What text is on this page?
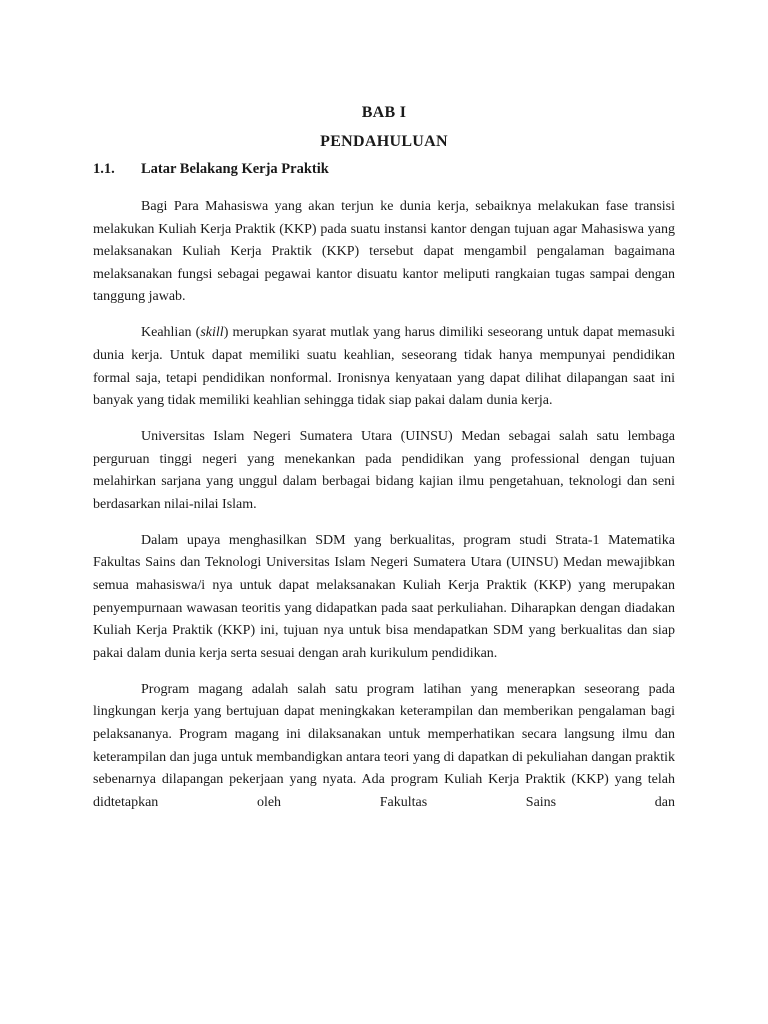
BAB I
PENDAHULUAN
1.1. Latar Belakang Kerja Praktik

Bagi Para Mahasiswa yang akan terjun ke dunia kerja, sebaiknya melakukan fase transisi melakukan Kuliah Kerja Praktik (KKP) pada suatu instansi kantor dengan tujuan agar Mahasiswa yang melaksanakan Kuliah Kerja Praktik (KKP) tersebut dapat mengambil pengalaman bagaimana melaksanakan fungsi sebagai pegawai kantor disuatu kantor meliputi rangkaian tugas sampai dengan tanggung jawab.

Keahlian (skill) merupkan syarat mutlak yang harus dimiliki seseorang untuk dapat memasuki dunia kerja. Untuk dapat memiliki suatu keahlian, seseorang tidak hanya mempunyai pendidikan formal saja, tetapi pendidikan nonformal. Ironisnya kenyataan yang dapat dilihat dilapangan saat ini banyak yang tidak memiliki keahlian sehingga tidak siap pakai dalam dunia kerja.

Universitas Islam Negeri Sumatera Utara (UINSU) Medan sebagai salah satu lembaga perguruan tinggi negeri yang menekankan pada pendidikan yang professional dengan tujuan melahirkan sarjana yang unggul dalam berbagai bidang kajian ilmu pengetahuan, teknologi dan seni berdasarkan nilai-nilai Islam.

Dalam upaya menghasilkan SDM yang berkualitas, program studi Strata-1 Matematika Fakultas Sains dan Teknologi Universitas Islam Negeri Sumatera Utara (UINSU) Medan mewajibkan semua mahasiswa/i nya untuk dapat melaksanakan Kuliah Kerja Praktik (KKP) yang merupakan penyempurnaan wawasan teoritis yang didapatkan pada saat perkuliahan. Diharapkan dengan diadakan Kuliah Kerja Praktik (KKP) ini, tujuan nya untuk bisa mendapatkan SDM yang berkualitas dan siap pakai dalam dunia kerja serta sesuai dengan arah kurikulum pendidikan.

Program magang adalah salah satu program latihan yang menerapkan seseorang pada lingkungan kerja yang bertujuan dapat meningkakan keterampilan dan memberikan pengalaman bagi pelaksananya. Program magang ini dilaksanakan untuk memperhatikan secara langsung ilmu dan keterampilan dan juga untuk membandigkan antara teori yang di dapatkan di pekuliahan dangan praktik sebenarnya dilapangan pekerjaan yang nyata. Ada program Kuliah Kerja Praktik (KKP) yang telah didtetapkan oleh Fakultas Sains dan
